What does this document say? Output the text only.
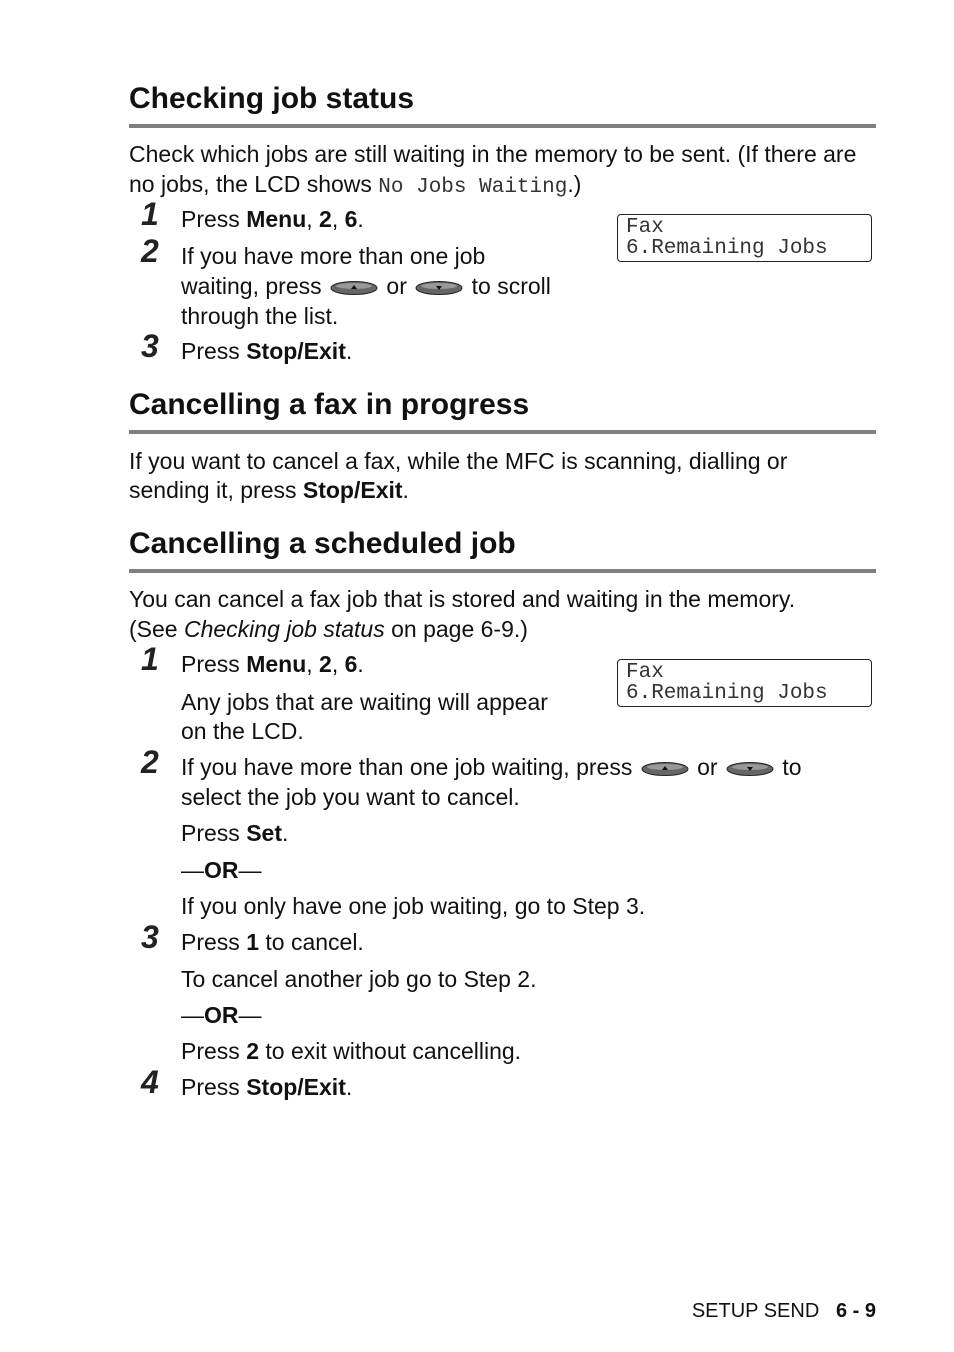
Checking job status

Check which jobs are still waiting in the memory to be sent. (If there are no jobs, the LCD shows No Jobs Waiting.)

Fax
6.Remaining Jobs
1 Press Menu, 2, 6.
2 If you have more than one job
waiting, press  or  to scroll
through the list.
3 Press Stop/Exit.
Cancelling a fax in progress
If you want to cancel a fax, while the MFC is scanning, dialling or
sending it, press Stop/Exit.
Cancelling a scheduled job
You can cancel a fax job that is stored and waiting in the memory.
(See Checking job status on page 6-9.)
Fax
6.Remaining Jobs
1 Press Menu, 2, 6.
Any jobs that are waiting will appear
on the LCD.
2 If you have more than one job waiting, press  or  to
select the job you want to cancel.
Press Set.
—OR—
If you only have one job waiting, go to Step 3.
3 Press 1 to cancel.
To cancel another job go to Step 2.
—OR—
Press 2 to exit without cancelling.
4 Press Stop/Exit.
SETUP SEND 6 - 9
